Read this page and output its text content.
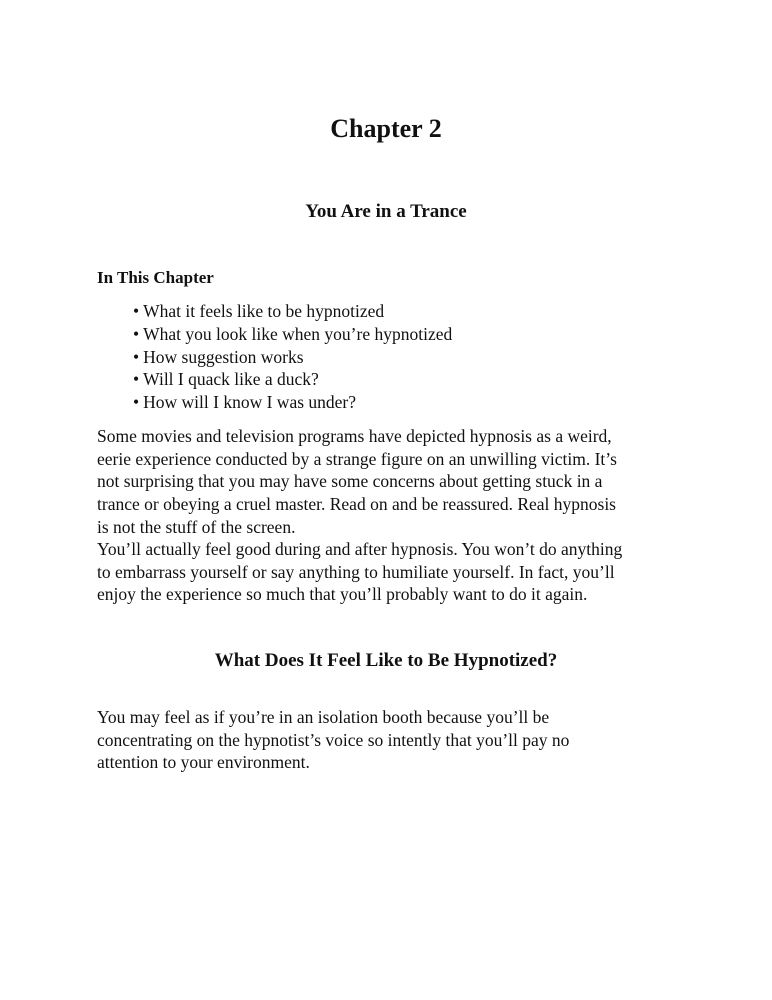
Chapter 2
You Are in a Trance
In This Chapter
• What it feels like to be hypnotized
• What you look like when you’re hypnotized
• How suggestion works
• Will I quack like a duck?
• How will I know I was under?

Some movies and television programs have depicted hypnosis as a weird,
eerie experience conducted by a strange figure on an unwilling victim. It’s
not surprising that you may have some concerns about getting stuck in a
trance or obeying a cruel master. Read on and be reassured. Real hypnosis
is not the stuff of the screen.

You’ll actually feel good during and after hypnosis. You won’t do anything
to embarrass yourself or say anything to humiliate yourself. In fact, you’ll
enjoy the experience so much that you’ll probably want to do it again.

What Does It Feel Like to Be Hypnotized?

You may feel as if you’re in an isolation booth because you’ll be
concentrating on the hypnotist’s voice so intently that you’ll pay no
attention to your environment.
